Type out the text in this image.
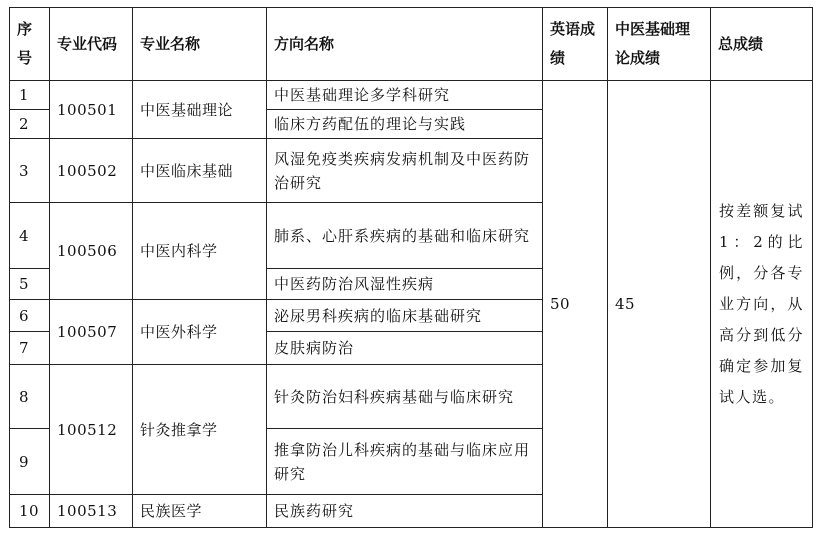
序号	专业代码	专业名称	方向名称	英语成绩	中医基础理论成绩	总成绩
1	100501	中医基础理论	中医基础理论多学科研究	50	45	按差额复试1：2的比例，分各专业方向，从高分到低分确定参加复试人选。
2			临床方药配伍的理论与实践			
3	100502	中医临床基础	风湿免疫类疾病发病机制及中医药防治研究			
4	100506	中医内科学	肺系、心肝系疾病的基础和临床研究			
5			中医药防治风湿性疾病			
6	100507	中医外科学	泌尿男科疾病的临床基础研究			
7			皮肤病防治			
8	100512	针灸推拿学	针灸防治妇科疾病基础与临床研究			
9			推拿防治儿科疾病的基础与临床应用研究			
10	100513	民族医学	民族药研究			
